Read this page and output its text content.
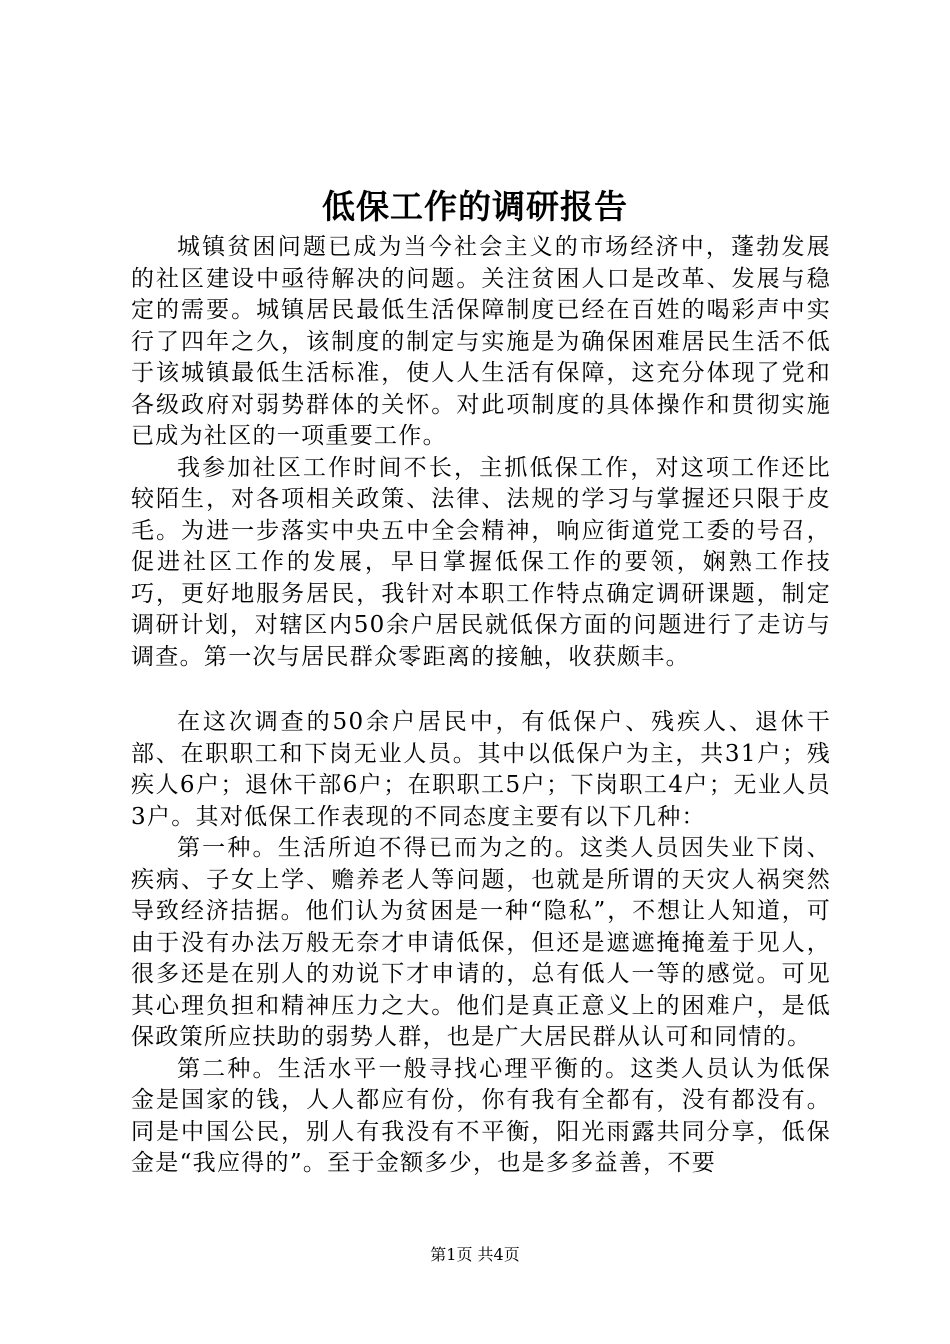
低保工作的调研报告

城镇贫困问题已成为当今社会主义的市场经济中，蓬勃发展的社区建设中亟待解决的问题。关注贫困人口是改革、发展与稳定的需要。城镇居民最低生活保障制度已经在百姓的喝彩声中实行了四年之久，该制度的制定与实施是为确保困难居民生活不低于该城镇最低生活标准，使人人生活有保障，这充分体现了党和各级政府对弱势群体的关怀。对此项制度的具体操作和贯彻实施已成为社区的一项重要工作。

我参加社区工作时间不长，主抓低保工作，对这项工作还比较陌生，对各项相关政策、法律、法规的学习与掌握还只限于皮毛。为进一步落实中央五中全会精神，响应街道党工委的号召，促进社区工作的发展，早日掌握低保工作的要领，娴熟工作技巧，更好地服务居民，我针对本职工作特点确定调研课题，制定调研计划，对辖区内50余户居民就低保方面的问题进行了走访与调查。第一次与居民群众零距离的接触，收获颇丰。

在这次调查的50余户居民中，有低保户、残疾人、退休干部、在职职工和下岗无业人员。其中以低保户为主，共31户；残疾人6户；退休干部6户；在职职工5户；下岗职工4户；无业人员3户。其对低保工作表现的不同态度主要有以下几种：

第一种。生活所迫不得已而为之的。这类人员因失业下岗、疾病、子女上学、赡养老人等问题，也就是所谓的天灾人祸突然导致经济拮据。他们认为贫困是一种“隐私”，不想让人知道，可由于没有办法万般无奈才申请低保，但还是遮遮掩掩羞于见人，很多还是在别人的劝说下才申请的，总有低人一等的感觉。可见其心理负担和精神压力之大。他们是真正意义上的困难户，是低保政策所应扶助的弱势人群，也是广大居民群从认可和同情的。

第二种。生活水平一般寻找心理平衡的。这类人员认为低保金是国家的钱，人人都应有份，你有我有全都有，没有都没有。同是中国公民，别人有我没有不平衡，阳光雨露共同分享，低保金是“我应得的”。至于金额多少，也是多多益善，不要

第1页 共4页
